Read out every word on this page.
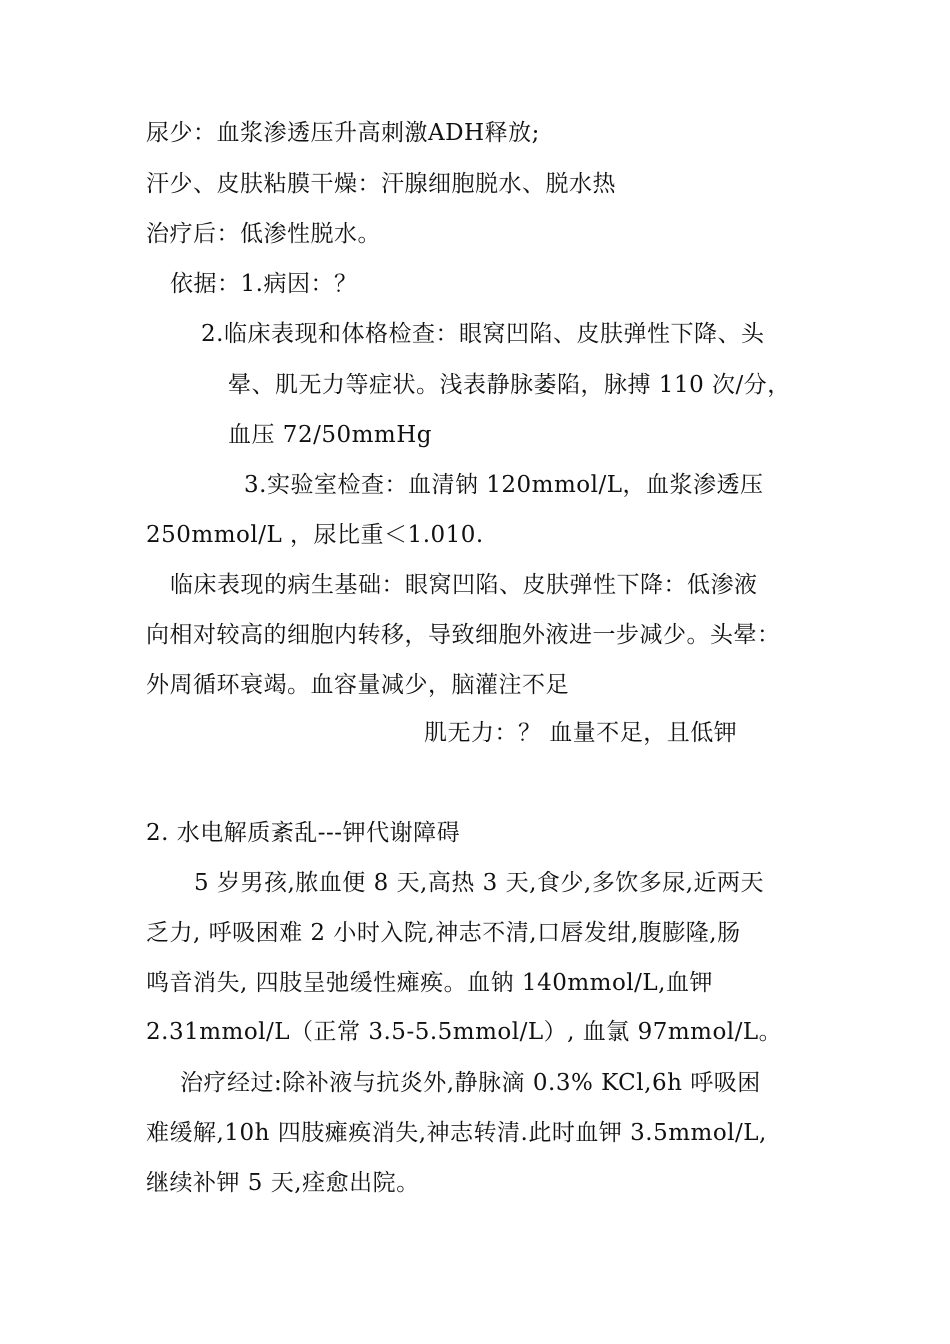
尿少：血浆渗透压升高刺激ADH释放;
汗少、皮肤粘膜干燥：汗腺细胞脱水、脱水热
治疗后：低渗性脱水。
依据：1.病因：？
2.临床表现和体格检查：眼窝凹陷、皮肤弹性下降、头
晕、肌无力等症状。浅表静脉萎陷，脉搏 110 次/分，
血压 72/50mmHg
3.实验室检查：血清钠 120mmol/L，血浆渗透压
250mmol/L ，尿比重＜1.010.
临床表现的病生基础：眼窝凹陷、皮肤弹性下降：低渗液
向相对较高的细胞内转移，导致细胞外液进一步减少。头晕：
外周循环衰竭。血容量减少，脑灌注不足
肌无力：？ 血量不足，且低钾
2. 水电解质紊乱---钾代谢障碍
5 岁男孩,脓血便 8 天,高热 3 天,食少,多饮多尿,近两天
乏力, 呼吸困难 2 小时入院,神志不清,口唇发绀,腹膨隆,肠
鸣音消失, 四肢呈弛缓性瘫痪。血钠 140mmol/L,血钾
2.31mmol/L（正常 3.5-5.5mmol/L）, 血氯 97mmol/L。
治疗经过:除补液与抗炎外,静脉滴 0.3% KCl,6h 呼吸困
难缓解,10h 四肢瘫痪消失,神志转清.此时血钾 3.5mmol/L,
继续补钾 5 天,痊愈出院。
